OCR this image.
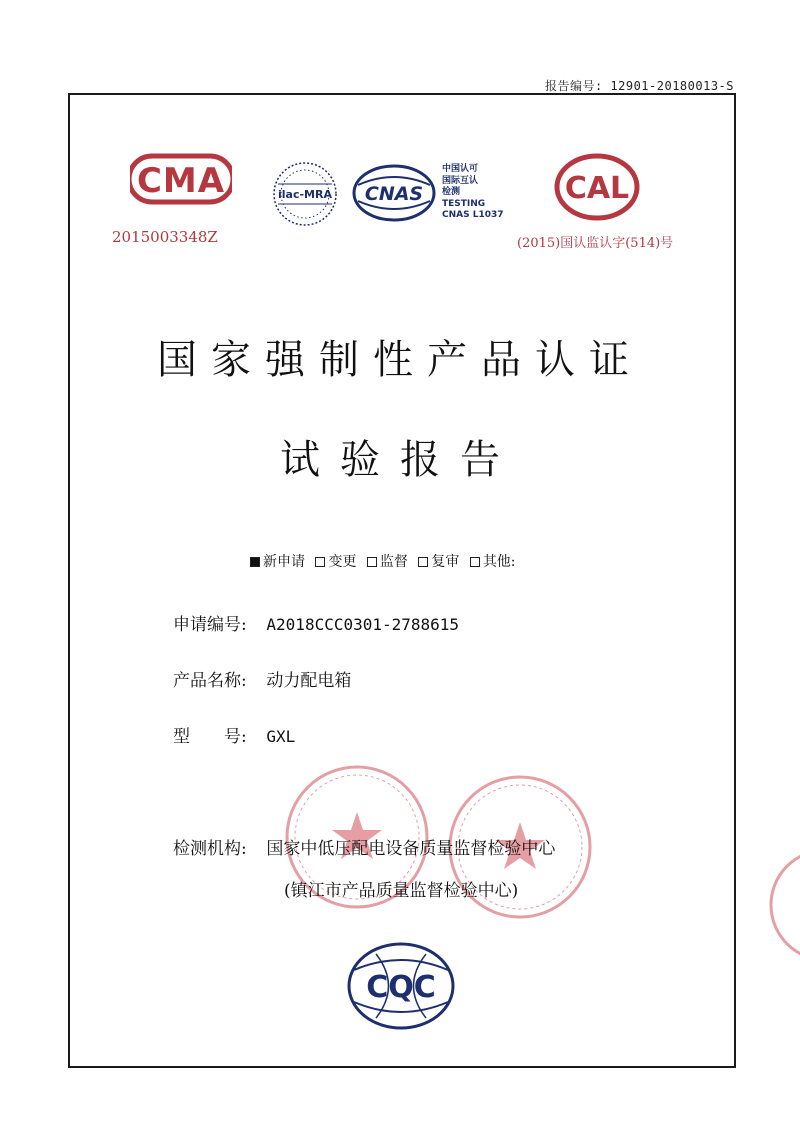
报告编号: 12901-20180013-S
CMA
2015003348Z
ilac-MRA CNAS
中国认可
国际互认
检测
TESTING
CNAS L1037
CAL
(2015)国认监认字(514)号
国家强制性产品认证
试验报告
新申请 变更 监督 复审 其他:
申请编号: A2018CCC0301-2788615
产品名称: 动力配电箱
型　　号: GXL
检测机构: 国家中低压配电设备质量监督检验中心
(镇江市产品质量监督检验中心)
CQC
